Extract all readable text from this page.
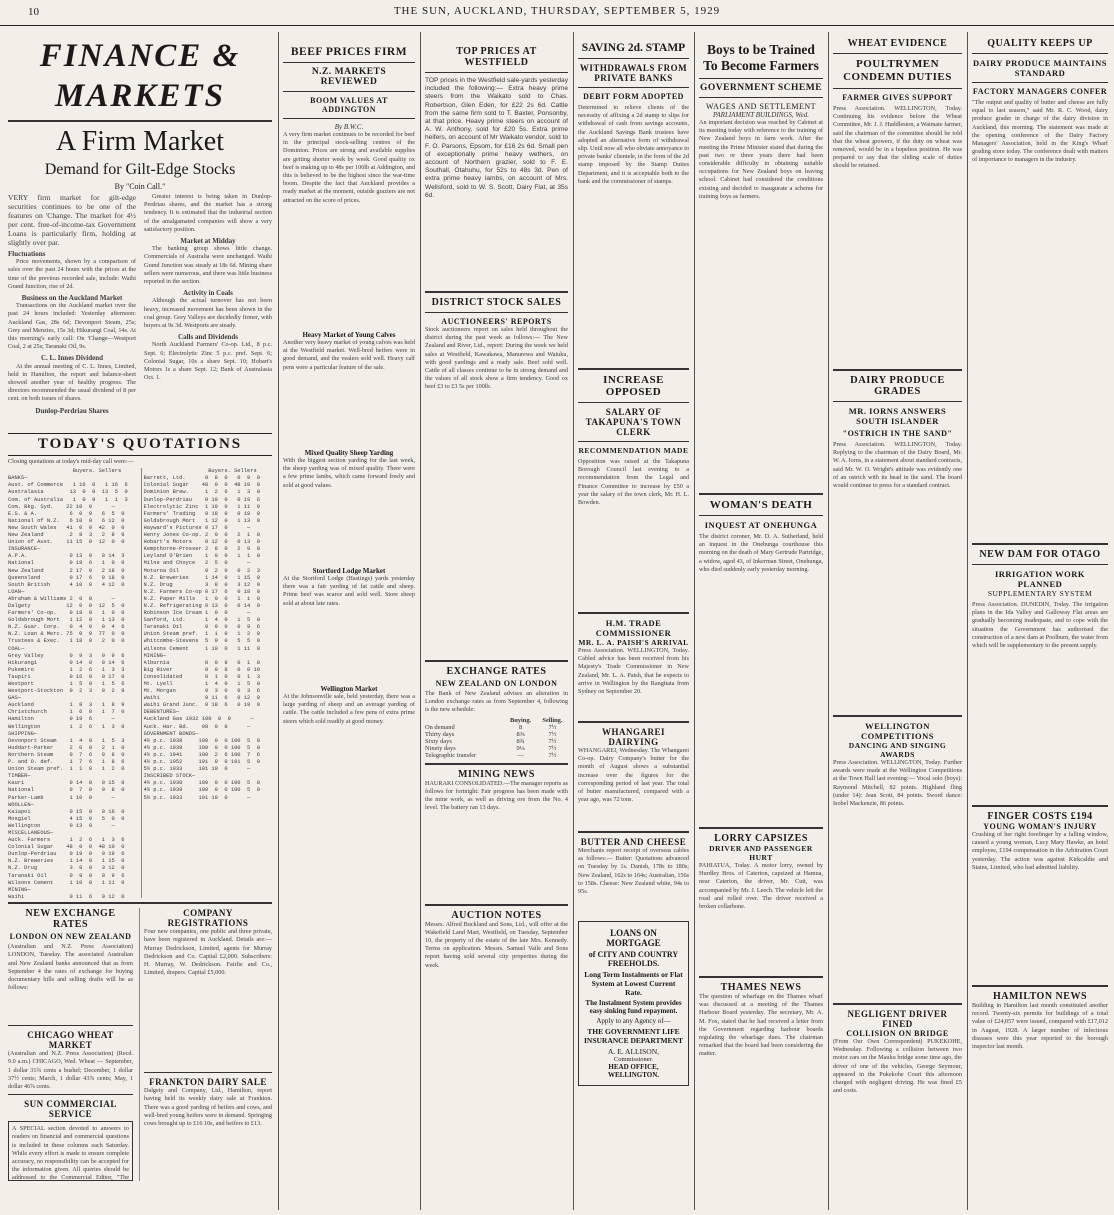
10	THE SUN, AUCKLAND, THURSDAY, SEPTEMBER 5, 1929
FINANCE & MARKETS
A Firm Market
Demand for Gilt-Edge Stocks
By "Coin Call."

VERY firm market for gilt-edge securities continues to be one of the features on 'Change. The market for 4½ per cent. free-of-income-tax Government Loans is particularly firm, holding at slightly over par.

Fluctuations

Price movements, shown by a comparison of sales over the past 24 hours with the prices at the time of the previous recorded sale, include: Waihi Grand Junction, rise of 2d.

Business on the Auckland Market

Transactions on the Auckland market over the past 24 hours included: Yesterday afternoon: Auckland Gas, 28s 6d; Devonport Steam, 25s; Grey and Menzies, 15s 3d; Hikurangi Coal, 14s. At this morning's early call: On 'Change—Westport Coal, 2 at 25s; Taranaki Oil, 9s.

C. L. Innes Dividend

At the annual meeting of C. L. Innes, Limited, held in Hamilton, the report and balance-sheet showed another year of healthy progress. The directors recommended the usual dividend of 8 per cent. on both issues of shares.

Dunlop-Perdriau Shares

Greater interest is being taken in Dunlop-Perdriau shares, and the market has a strong tendency. It is estimated that the industrial section of the amalgamated companies will show a very satisfactory position.

Market at Midday

The banking group shows little change. Commercials of Australia were unchanged. Waihi Grand Junction was steady at 18s 6d. Mining share sellers were numerous, and there was little business reported in the section.

Activity in Coals

Although the actual turnover has not been heavy, increased movement has been shown in the coal group. Grey Valleys are decidedly firmer, with buyers at 9s 3d. Westports are steady.

Calls and Dividends

North Auckland Farmers' Co-op. Ltd., 8 p.c. Sept. 6; Electrolytic Zinc 5 p.c. pref. Sept. 6; Colonial Sugar, 10s a share Sept. 10; Hobart's Motors 1s a share Sept. 12; Bank of Australasia Oct. 1.

TODAY'S QUOTATIONS
Closing quotations at today's mid-day call were:—
Buyers. Sellers
BANKS—
Aust. of Commerce   1 16  0   1 16  6
Australasia        13  0  0  13  5  0
Com. of Australia   1  0  9   1  1  3
Com. Bkg. Syd.    22 10  0      —
E.S. & A.          6  0  0   6  5  0
National of N.Z.   6 10  0   6 12  0
New South Wales   41  0  0  42  0  0
New Zealand        2  8  3   2  8  9
Union of Aust.    11 15  0  12  0  0
INSURANCE—
A.P.A.             0 13  9   0 14  3
National           0 19  6   1  0  0
New Zealand        2 17  0   2 18  0
Queensland         0 17  6   0 18  0
South British      4 10  0   4 12  0
LOAN—
Abraham & Williams 2  0  0      —
Dalgety           12  0  0  12  5  0
Farmers' Co-op.    0 18  0   1  0  0
Goldsbrough Mort   1 12  0   1 13  0
N.Z. Guar. Corp.   0  4  0   0  4  6
N.Z. Loan & Merc. 75  0  0  77  0  0
Trustees & Exec.   1 18  0   2  0  0
COAL—
Grey Valley        0  9  3   0  9  6
Hikurangi          0 14  0   0 14  6
Pukemiro           1  2  6   1  3  3
Taupiri            0 16  0   0 17  0
Westport           1  5  0   1  5  6
Westport-Stockton  0  2  3   0  2  9
GAS—
Auckland           1  8  3   1  8  9
Christchurch       1  6  0   1  7  0
Hamilton           0 19  6      —
Wellington         1  2  6   1  3  0
SHIPPING—
Devonport Steam    1  4  9   1  5  3
Huddart-Parker     2  0  0   2  1  0
Northern Steam     0  7  6   0  8  0
P. and O. def.     1  7  6   1  8  6
Union Steam pref.  1  1  0   1  2  0
TIMBER—
Kauri              0 14  0   0 15  0
National           0  7  0   0  8  0
Parker-Lamb        1 10  0      —
WOOLLEN—
Kaiapoi            0 15  0   0 16  0
Mosgiel            4 15  0   5  0  0
Wellington         0 13  0      —
MISCELLANEOUS—
Auck. Farmers      1  2  6   1  3  6
Colonial Sugar    48  0  0  48 10  0
Dunlop-Perdriau    0 19  0   0 19  6
N.Z. Breweries     1 14  0   1 15  0
N.Z. Drug          3  8  0   3 12  0
Taranaki Oil       0  9  0   0  9  6
Wilsons Cement     1 10  0   1 11  0
MINING—
Waihi              0 11  6   0 12  0
Buyers. Sellers
Barrett, Ltd.      0  8  0   0  9  0
Colonial Sugar    48  0  0  48 10  0
Dominion Brew.     1  2  6   1  3  0
Dunlop-Perdriau    0 19  0   0 19  6
Electrolytic Zinc  1 10  0   1 11  0
Farmers' Trading   0 18  0   0 19  0
Goldsbrough Mort   1 12  0   1 13  0
Hayward's Pictures 0 17  0      —
Henry Jones Co-op. 2  0  0   2  1  0
Hobart's Motors    0 12  0   0 13  0
Kempthorne-Prosser 2  8  0   2  9  0
Leyland O'Brien    1  0  0   1  1  0
Milne and Choyce   2  5  0      —
Moturoa Oil        0  2  0   0  2  3
N.Z. Breweries     1 14  0   1 15  0
N.Z. Drug          3  8  0   3 12  0
N.Z. Farmers Co-op 0 17  6   0 18  0
N.Z. Paper Mills   1  0  0   1  1  0
N.Z. Refrigerating 0 13  0   0 14  0
Robinson Ice Cream 1  0  0      —
Sanford, Ltd.      1  4  0   1  5  0
Taranaki Oil       0  9  0   0  9  6
Union Steam pref.  1  1  0   1  2  0
Whitcombe-Stevens  5  0  0   5  5  0
Wilsons Cement     1 10  0   1 11  0
MINING—
Alburnia           0  0  9   0  1  0
Big River          0  0  8   0  0 10
Consolidated       0  1  0   0  1  3
Mt. Lyell          1  4  0   1  5  0
Mt. Morgan         0  3  0   0  3  6
Waihi              0 11  6   0 12  0
Waihi Grand Junc.  0 18  6   0 19  0
DEBENTURES—
Auckland Gas 1932 100  0  0      —
Auck. Har. Bd.    98  0  0      —
GOVERNMENT BONDS—
4½ p.c. 1938     100  0  0 100  5  0
4½ p.c. 1939     100  0  0 100  5  0
4½ p.c. 1941     100  2  6 100  7  6
4½ p.c. 1952     101  0  0 101  5  0
5½ p.c. 1933     101 10  0      —
INSCRIBED STOCK—
4½ p.c. 1938     100  0  0 100  5  0
4½ p.c. 1939     100  0  0 100  5  0
5½ p.c. 1933     101 10  0      —
NEW EXCHANGE RATES
LONDON ON NEW ZEALAND
(Australian and N.Z. Press Association) LONDON, Tuesday. The associated Australian and New Zealand banks announced that as from September 4 the rates of exchange for buying documentary bills and selling drafts will be as follows:
CHICAGO WHEAT MARKET
(Australian and N.Z. Press Association) (Recd. 9.0 a.m.) CHICAGO, Wed. Wheat — September, 1 dollar 31¾ cents a bushel; December, 1 dollar 37½ cents; March, 1 dollar 43⅞ cents; May, 1 dollar 46⅞ cents.
SUN COMMERCIAL SERVICE
A SPECIAL section devoted to answers to readers on financial and commercial questions is included in these columns each Saturday. While every effort is made to ensure complete accuracy, no responsibility can be accepted for the information given. All queries should be addressed to the Commercial Editor, "The
COMPANY REGISTRATIONS
Four new companies, one public and three private, have been registered in Auckland. Details are:— Murray Dedrickson, Limited, agents for Murray Dedrickson and Co. Capital £2,000. Subscribers: H. Murray, W. Dedrickson. Fairlie and Co., Limited, drapers. Capital £5,000.
FRANKTON DAIRY SALE
Dalgety and Company, Ltd., Hamilton, report having held its weekly dairy sale at Frankton. There was a good yarding of heifers and cows, and well-bred young heifers were in demand. Springing cows brought up to £16 10s, and heifers to £13.
BEEF PRICES FIRM
N.Z. MARKETS REVIEWED
BOOM VALUES AT ADDINGTON
By B.W.C.
A very firm market continues to be recorded for beef in the principal stock-selling centres of the Dominion. Prices are strong and available supplies are getting shorter week by week. Good quality ox beef is making up to 48s per 100lb at Addington, and this is believed to be the highest since the war-time boom. Despite the fact that Auckland provides a ready market at the moment, outside graziers are not attracted on the score of prices.
Heavy Market of Young Calves
Another very heavy market of young calves was held at the Westfield market. Well-bred heifers were in good demand, and the vealers sold well. Heavy calf pens were a particular feature of the sale.
Mixed Quality Sheep Yarding
With the biggest section yarding for the last week, the sheep yarding was of mixed quality. There were a few prime lambs, which came forward freely and sold at good values.
Stortford Lodge Market
At the Stortford Lodge (Hastings) yards yesterday there was a fair yarding of fat cattle and sheep. Prime beef was scarce and sold well. Store sheep sold at about late rates.
Wellington Market
At the Johnsonville sale, held yesterday, there was a large yarding of sheep and an average yarding of cattle. The cattle included a few pens of extra prime steers which sold readily at good money.
TOP PRICES AT WESTFIELD
TOP prices in the Westfield sale-yards yesterday included the following:— Extra heavy prime steers from the Waikato sold to Chas. Robertson, Glen Eden, for £22 2s 6d. Cattle from the same firm sold to T. Baxter, Ponsonby, at that price. Heavy prime steers on account of A. W. Anthony, sold for £20 5s. Extra prime heifers, on account of Mr Waikato vendor, sold to F. O. Parsons, Epsom, for £16 2s 6d. Small pen of exceptionally prime heavy wethers, on account of Northern grazier, sold to F. E. Southall, Otahuhu, for 52s to 48s 3d. Pen of extra prime heavy lambs, on account of Mrs. Wellsford, sold to W. S. Scott, Dairy Flat, at 35s 6d.
DISTRICT STOCK SALES
AUCTIONEERS' REPORTS
Stock auctioneers report on sales held throughout the district during the past week as follows:— The New Zealand and River, Ltd., report: During the week we held sales at Westfield, Kawakawa, Manurewa and Waiuku, with good yardings and a ready sale. Beef sold well. Cattle of all classes continue to be in strong demand and the values of all stock show a firm tendency. Good ox beef £3 to £3 5s per 100lb.
EXCHANGE RATES
NEW ZEALAND ON LONDON
The Bank of New Zealand advises an alteration in London exchange rates as from September 4, following is the new schedule:
	Buying.	Selling.
On demand	8	7½
Thirty days	8⅜	7½
Sixty days	8¾	7½
Ninety days	9⅛	7½
Telegraphic transfer	—	7½
MINING NEWS
HAURAKI CONSOLIDATED.—The manager reports as follows for fortnight: Fair progress has been made with the mine work, as well as driving ore from the No. 4 level. The battery ran 13 days.
AUCTION NOTES
Messrs. Alfred Buckland and Sons, Ltd., will offer at the Wakefield Land Mart, Westfield, on Tuesday, September 10, the property of the estate of the late Mrs. Kennedy. Terms on application. Messrs. Samuel Vaile and Sons report having sold several city properties during the week.
SAVING 2d. STAMP
WITHDRAWALS FROM PRIVATE BANKS
DEBIT FORM ADOPTED
Determined to relieve clients of the necessity of affixing a 2d stamp to slips for withdrawal of cash from savings accounts, the Auckland Savings Bank trustees have adopted an alternative form of withdrawal slip. Until now all who obviate annoyance to private banks' clientele, in the form of the 2d stamp imposed by the Stamp Duties Department, and it is acceptable both to the bank and the commissioner of stamps.
INCREASE OPPOSED
SALARY OF TAKAPUNA'S TOWN CLERK
RECOMMENDATION MADE
Opposition was raised at the Takapuna Borough Council last evening to a recommendation from the Legal and Finance Committee to increase by £50 a year the salary of the town clerk, Mr. H. L. Bowden.
H.M. TRADE COMMISSIONER
MR. L. A. PAISH'S ARRIVAL
Press Association. WELLINGTON, Today. Cabled advice has been received from his Majesty's Trade Commissioner in New Zealand, Mr. L. A. Paish, that he expects to arrive in Wellington by the Rangitata from Sydney on September 20.
WHANGAREI DAIRYING
WHANGAREI, Wednesday. The Whangarei Co-op. Dairy Company's butter for the month of August shows a substantial increase over the figures for the corresponding period of last year. The total of butter manufactured, compared with a year ago, was 72 tons.
BUTTER AND CHEESE
Merchants report receipt of overseas cables as follows:— Butter: Quotations advanced on Tuesday by 1s. Danish, 178s to 180s; New Zealand, 162s to 164s; Australian, 156s to 158s. Cheese: New Zealand white, 94s to 95s.
LOANS ON MORTGAGE
of CITY AND COUNTRY FREEHOLDS.
Long Term Instalments or Flat System at Lowest Current Rate.
The Instalment System provides easy sinking fund repayment.
Apply to any Agency of—
THE GOVERNMENT LIFE INSURANCE DEPARTMENT
A. E. ALLISON,
Commissioner.
HEAD OFFICE, WELLINGTON.
Boys to be Trained To Become Farmers
GOVERNMENT SCHEME
WAGES AND SETTLEMENT
PARLIAMENT BUILDINGS, Wed.
An important decision was reached by Cabinet at its meeting today with reference to the training of New Zealand boys in farm work. After the meeting the Prime Minister stated that during the past two or three years there had been considerable difficulty in obtaining suitable occupations for New Zealand boys on leaving school. Cabinet had considered the conditions existing and decided to inaugurate a scheme for training boys as farmers.
WOMAN'S DEATH
INQUEST AT ONEHUNGA
The district coroner, Mr. D. A. Sutherland, held an inquest in the Onehunga courthouse this morning on the death of Mary Gertrude Partridge, a widow, aged 43, of Inkerman Street, Onehunga, who died suddenly early yesterday morning.
LORRY CAPSIZES
DRIVER AND PASSENGER HURT
PAHIATUA, Today. A motor lorry, owned by Hurdley Bros. of Caterton, capsized at Hamua, near Caterton, the driver, Mr. Cutt, was accompanied by Mr. J. Leech. The vehicle left the road and rolled over. The driver received a broken collarbone.
THAMES NEWS
The question of wharfage on the Thames wharf was discussed at a meeting of the Thames Harbour Board yesterday. The secretary, Mr. A. M. Fox, stated that he had received a letter from the Government regarding harbour boards regulating the wharfage dues. The chairman remarked that the board had been considering the matter.
WHEAT EVIDENCE
POULTRYMEN CONDEMN DUTIES
FARMER GIVES SUPPORT
Press Association. WELLINGTON, Today. Continuing his evidence before the Wheat Committee, Mr. J. J. Huddleston, a Waimate farmer, said the chairman of the committee should be told that the wheat growers, if the duty on wheat was removed, would be in a hopeless position. He was prepared to say that the sliding scale of duties should be retained.
DAIRY PRODUCE GRADES
MR. IORNS ANSWERS SOUTH ISLANDER
"OSTRICH IN THE SAND"
Press Association. WELLINGTON, Today. Replying to the chairman of the Dairy Board, Mr. W. A. Iorns, in a statement about standard contracts, said Mr. W. O. Wright's attitude was evidently one of an ostrich with its head in the sand. The board would continue to press for a standard contract.
WELLINGTON COMPETITIONS
DANCING AND SINGING AWARDS
Press Association. WELLINGTON, Today. Further awards were made at the Wellington Competitions at the Town Hall last evening:— Vocal solo (boys): Raymond Mitchell, 82 points. Highland fling (under 14): Jean Scott, 84 points. Sword dance: Isobel Mackenzie, 86 points.
NEGLIGENT DRIVER FINED
COLLISION ON BRIDGE
(From Our Own Correspondent) PUKEKOHE, Wednesday. Following a collision between two motor cars on the Mauku bridge some time ago, the driver of one of the vehicles, George Seymour, appeared in the Pukekohe Court this afternoon charged with negligent driving. He was fined £5 and costs.
QUALITY KEEPS UP
DAIRY PRODUCE MAINTAINS STANDARD
FACTORY MANAGERS CONFER
"The output and quality of butter and cheese are fully equal to last season," said Mr. R. C. Wood, dairy produce grader in charge of the dairy division in Auckland, this morning. The statement was made at the opening conference of the Dairy Factory Managers' Association, held in the King's Wharf grading store today. The conference dealt with matters of importance to managers in the industry.
NEW DAM FOR OTAGO
IRRIGATION WORK PLANNED
SUPPLEMENTARY SYSTEM
Press Association. DUNEDIN, Today. The irrigation plans in the Ida Valley and Galloway Flat areas are gradually becoming inadequate, and to cope with the situation the Government has authorised the construction of a new dam at Poolburn, the water from which will be supplementary to the present supply.
FINGER COSTS £194
YOUNG WOMAN'S INJURY
Crushing of her right forefinger by a falling window, caused a young woman, Lucy Mary Hawke, an hotel employee, £194 compensation in the Arbitration Court yesterday. The action was against Kirkcaldie and Stains, Limited, who had admitted liability.
HAMILTON NEWS
Building in Hamilton last month constituted another record. Twenty-six permits for buildings of a total value of £24,057 were issued, compared with £17,012 in August, 1928. A larger number of infectious diseases were this year reported to the borough inspector last month.
